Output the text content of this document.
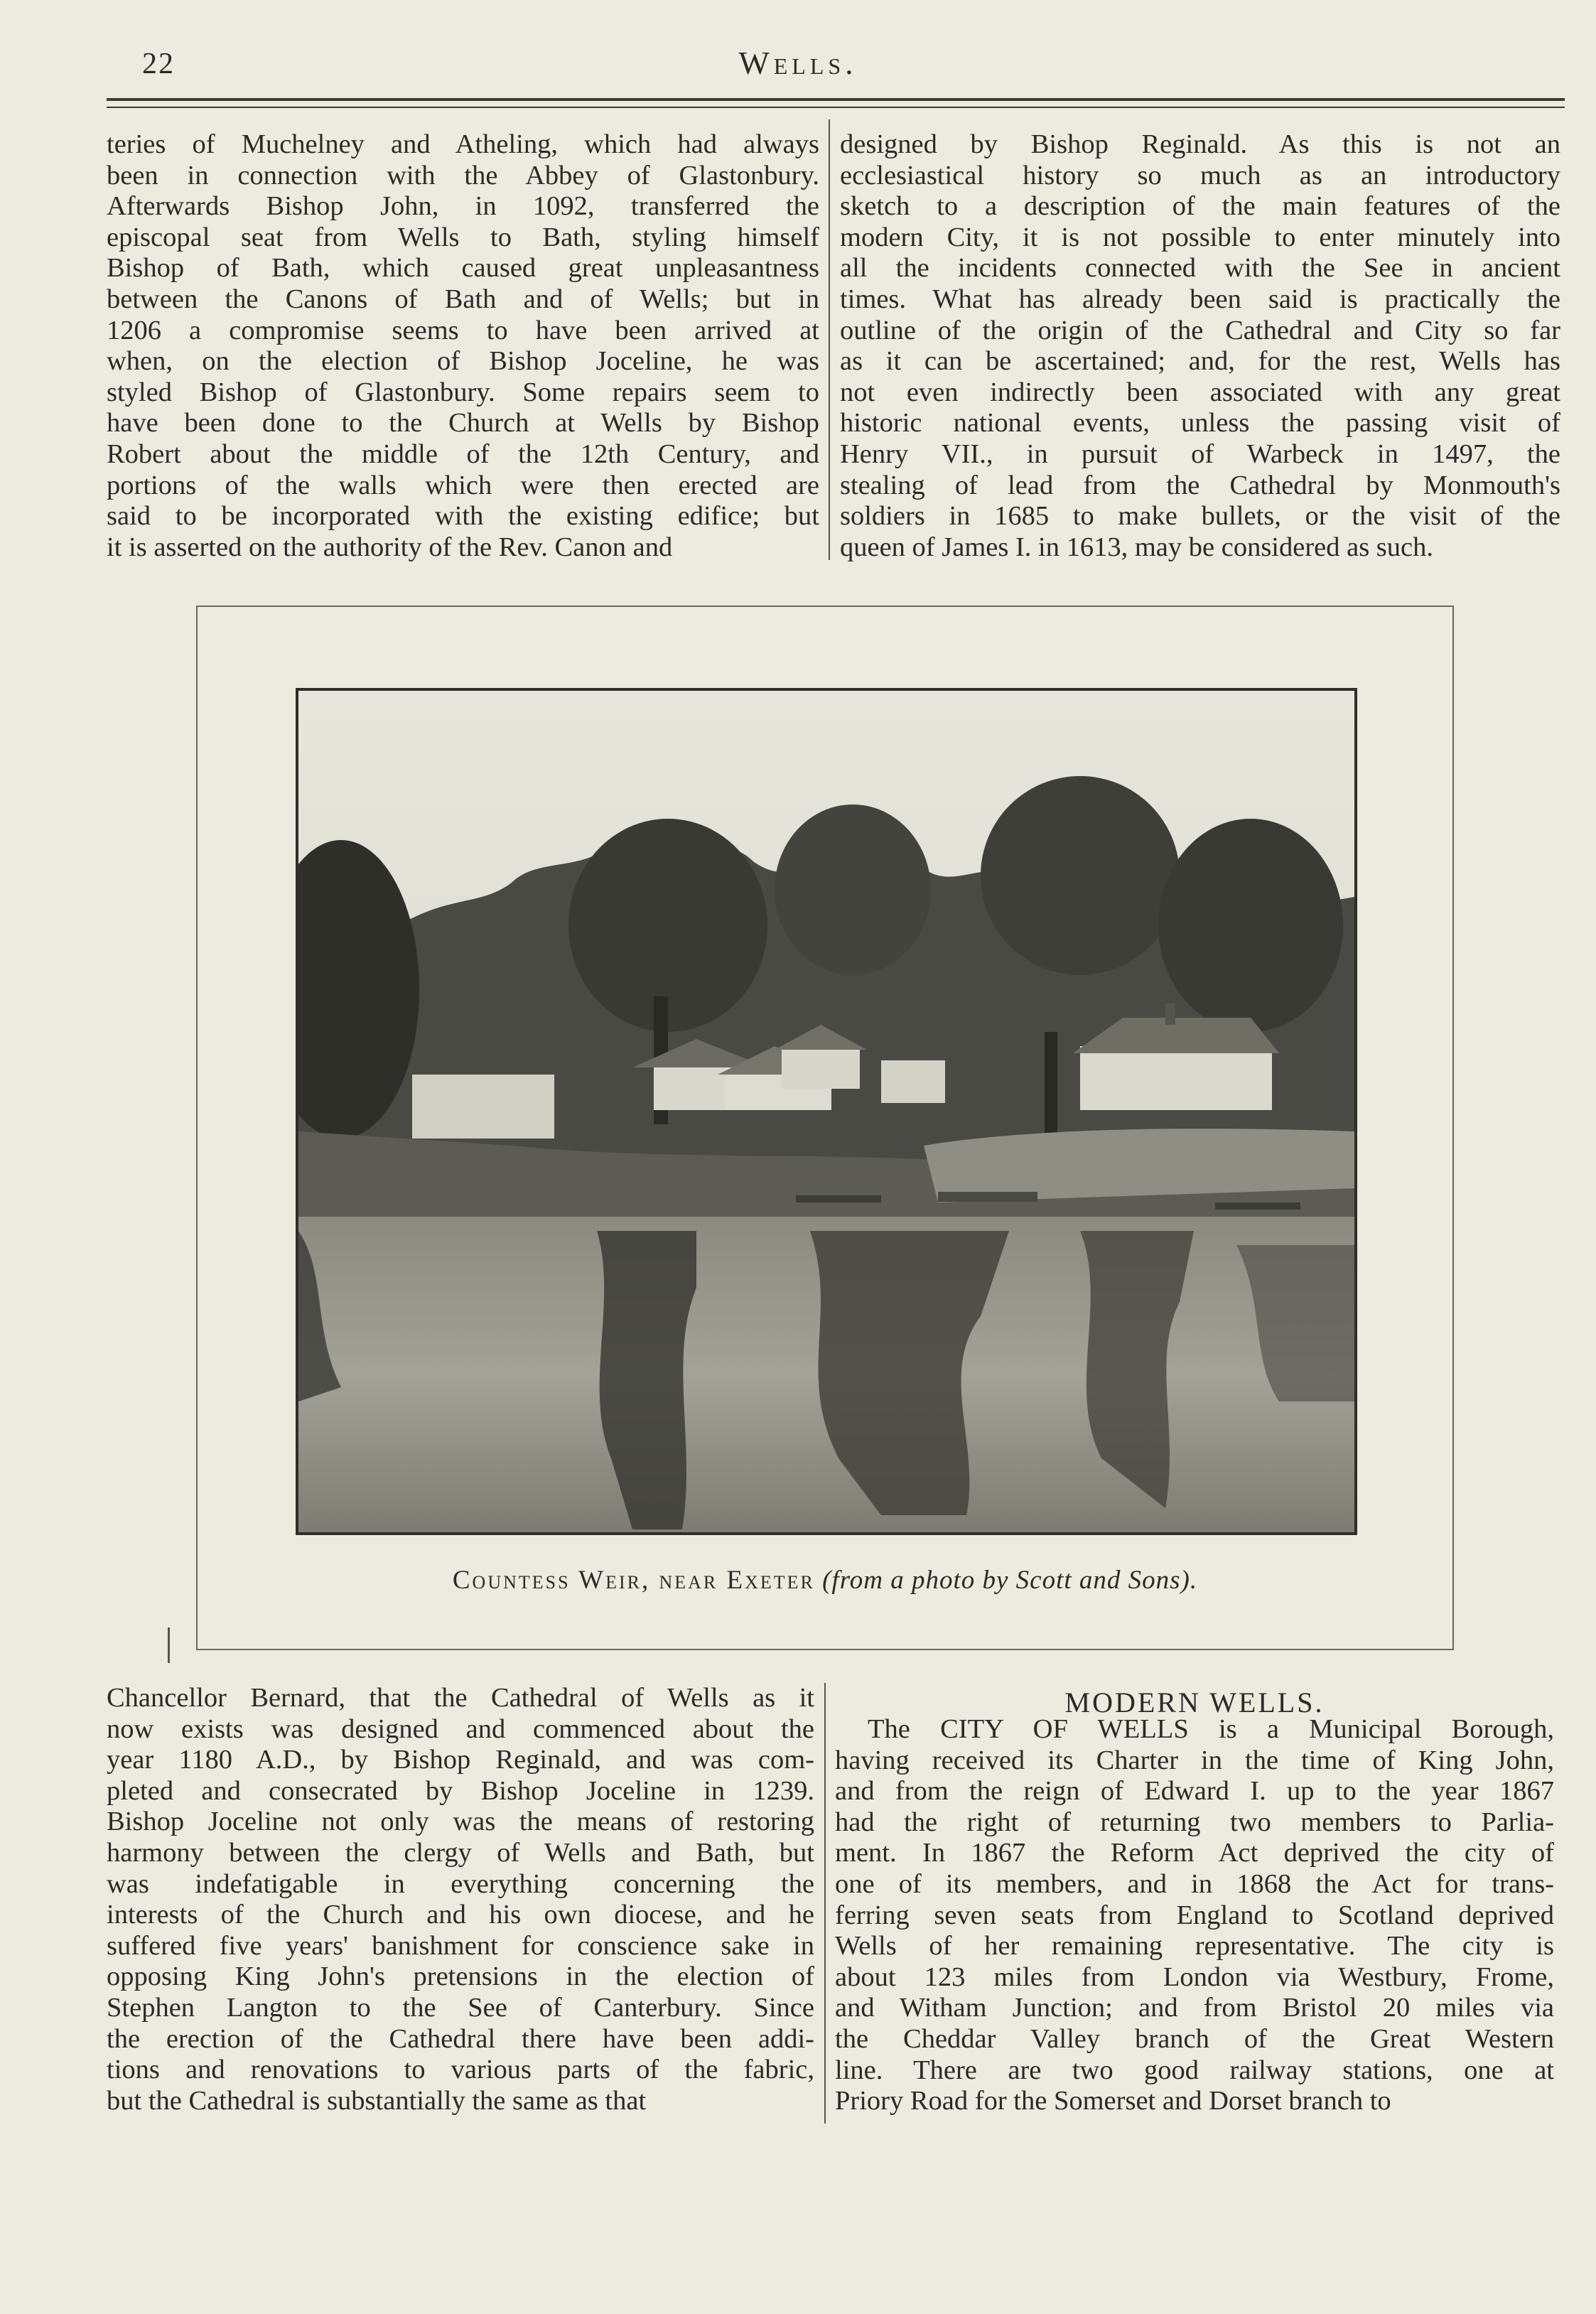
22	Wells.
teries of Muchelney and Atheling, which had always
been in connection with the Abbey of Glastonbury.
Afterwards Bishop John, in 1092, transferred the
episcopal seat from Wells to Bath, styling himself
Bishop of Bath, which caused great unpleasantness
between the Canons of Bath and of Wells; but in
1206 a compromise seems to have been arrived at
when, on the election of Bishop Joceline, he was
styled Bishop of Glastonbury. Some repairs seem to
have been done to the Church at Wells by Bishop
Robert about the middle of the 12th Century, and
portions of the walls which were then erected are
said to be incorporated with the existing edifice; but
it is asserted on the authority of the Rev. Canon and
designed by Bishop Reginald. As this is not an
ecclesiastical history so much as an introductory
sketch to a description of the main features of the
modern City, it is not possible to enter minutely into
all the incidents connected with the See in ancient
times. What has already been said is practically the
outline of the origin of the Cathedral and City so far
as it can be ascertained; and, for the rest, Wells has
not even indirectly been associated with any great
historic national events, unless the passing visit of
Henry VII., in pursuit of Warbeck in 1497, the
stealing of lead from the Cathedral by Monmouth's
soldiers in 1685 to make bullets, or the visit of the
queen of James I. in 1613, may be considered as such.
Countess Weir, near Exeter (from a photo by Scott and Sons).
Chancellor Bernard, that the Cathedral of Wells as it
now exists was designed and commenced about the
year 1180 A.D., by Bishop Reginald, and was com-
pleted and consecrated by Bishop Joceline in 1239.
Bishop Joceline not only was the means of restoring
harmony between the clergy of Wells and Bath, but
was indefatigable in everything concerning the
interests of the Church and his own diocese, and he
suffered five years' banishment for conscience sake in
opposing King John's pretensions in the election of
Stephen Langton to the See of Canterbury. Since
the erection of the Cathedral there have been addi-
tions and renovations to various parts of the fabric,
but the Cathedral is substantially the same as that
MODERN WELLS.
The CITY OF WELLS is a Municipal Borough,
having received its Charter in the time of King John,
and from the reign of Edward I. up to the year 1867
had the right of returning two members to Parlia-
ment. In 1867 the Reform Act deprived the city of
one of its members, and in 1868 the Act for trans-
ferring seven seats from England to Scotland deprived
Wells of her remaining representative. The city is
about 123 miles from London via Westbury, Frome,
and Witham Junction; and from Bristol 20 miles via
the Cheddar Valley branch of the Great Western
line. There are two good railway stations, one at
Priory Road for the Somerset and Dorset branch to
